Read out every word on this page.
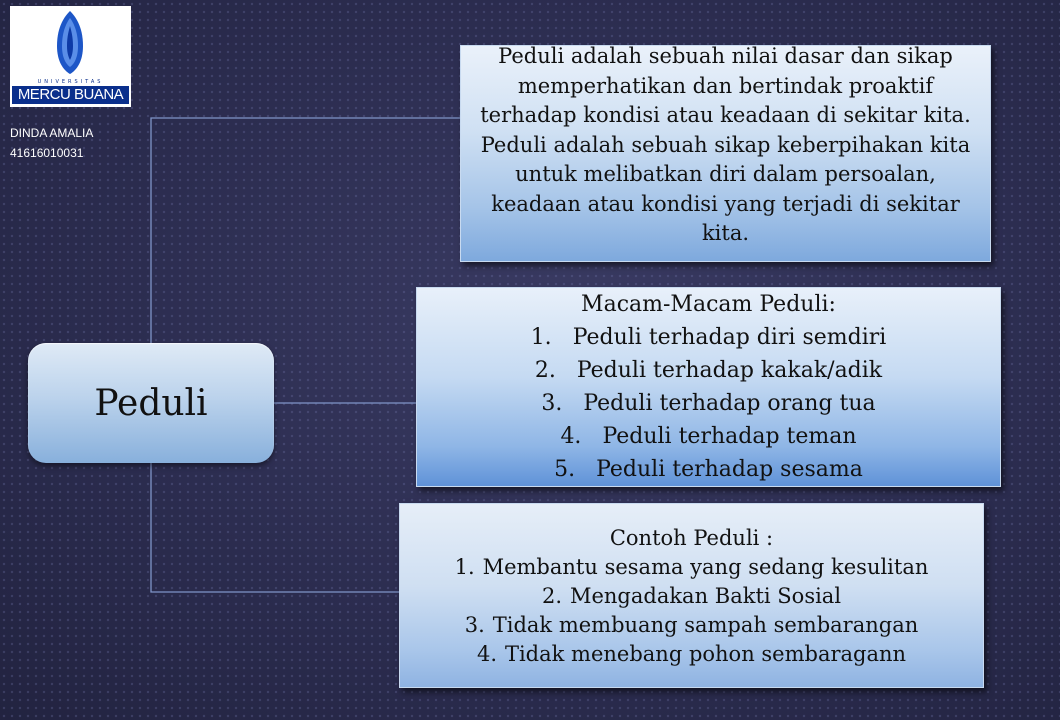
UNIVERSITAS
MERCU BUANA
DINDA AMALIA
41616010031
Peduli

Peduli adalah sebuah nilai dasar dan sikap memperhatikan dan bertindak proaktif terhadap kondisi atau keadaan di sekitar kita. Peduli adalah sebuah sikap keberpihakan kita untuk melibatkan diri dalam persoalan, keadaan atau kondisi yang terjadi di sekitar kita.

Macam-Macam Peduli:
1. Peduli terhadap diri semdiri
2. Peduli terhadap kakak/adik
3. Peduli terhadap orang tua
4. Peduli terhadap teman
5. Peduli terhadap sesama
Contoh Peduli :
1. Membantu sesama yang sedang kesulitan
2. Mengadakan Bakti Sosial
3. Tidak membuang sampah sembarangan
4. Tidak menebang pohon sembaragann
